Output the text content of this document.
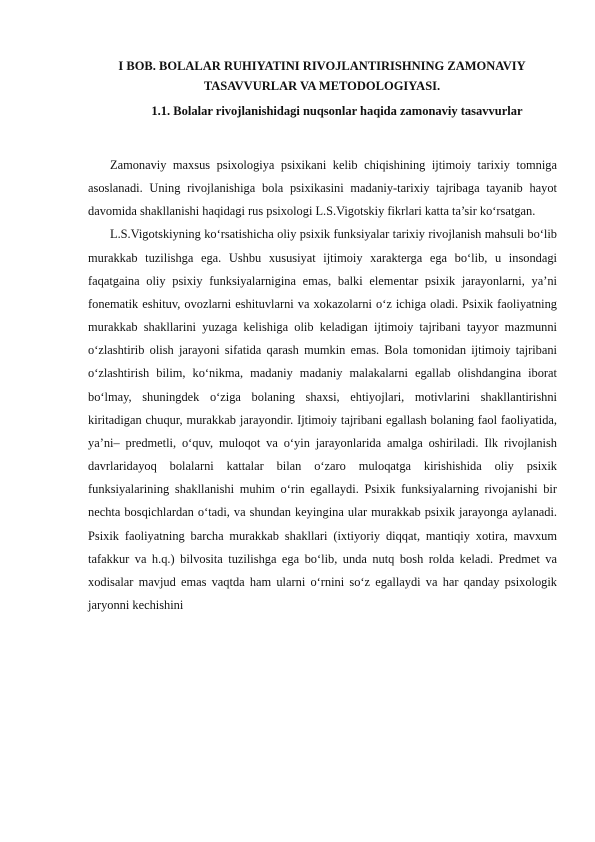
I BOB. BOLALAR RUHIYATINI RIVOJLANTIRISHNING ZAMONAVIY TASAVVURLAR VA METODOLOGIYASI.
1.1. Bolalar rivojlanishidagi nuqsonlar haqida zamonaviy tasavvurlar

Zamonaviy maxsus psixologiya psixikani kelib chiqishining ijtimoiy tarixiy tomniga asoslanadi. Uning rivojlanishiga bola psixikasini madaniy-tarixiy tajribaga tayanib hayot davomida shakllanishi haqidagi rus psixologi L.S.Vigotskiy fikrlari katta ta’sir ko‘rsatgan.

L.S.Vigotskiyning ko‘rsatishicha oliy psixik funksiyalar tarixiy rivojlanish mahsuli bo‘lib murakkab tuzilishga ega. Ushbu xususiyat ijtimoiy xarakterga ega bo‘lib, u insondagi faqatgaina oliy psixiy funksiyalarnigina emas, balki elementar psixik jarayonlarni, ya’ni fonematik eshituv, ovozlarni eshituvlarni va xokazolarni o‘z ichiga oladi. Psixik faoliyatning murakkab shakllarini yuzaga kelishiga olib keladigan ijtimoiy tajribani tayyor mazmunni o‘zlashtirib olish jarayoni sifatida qarash mumkin emas. Bola tomonidan ijtimoiy tajribani o‘zlashtirish bilim, ko‘nikma, madaniy madaniy malakalarni egallab olishdangina iborat bo‘lmay, shuningdek o‘ziga bolaning shaxsi, ehtiyojlari, motivlarini shakllantirishni kiritadigan chuqur, murakkab jarayondir. Ijtimoiy tajribani egallash bolaning faol faoliyatida, ya’ni– predmetli, o‘quv, muloqot va o‘yin jarayonlarida amalga oshiriladi. Ilk rivojlanish davrlaridayoq bolalarni kattalar bilan o‘zaro muloqatga kirishishida oliy psixik funksiyalarining shakllanishi muhim o‘rin egallaydi. Psixik funksiyalarning rivojanishi bir nechta bosqichlardan o‘tadi, va shundan keyingina ular murakkab psixik jarayonga aylanadi. Psixik faoliyatning barcha murakkab shakllari (ixtiyoriy diqqat, mantiqiy xotira, mavxum tafakkur va h.q.) bilvosita tuzilishga ega bo‘lib, unda nutq bosh rolda keladi. Predmet va xodisalar mavjud emas vaqtda ham ularni o‘rnini so‘z egallaydi va har qanday psixologik jaryonni kechishini
